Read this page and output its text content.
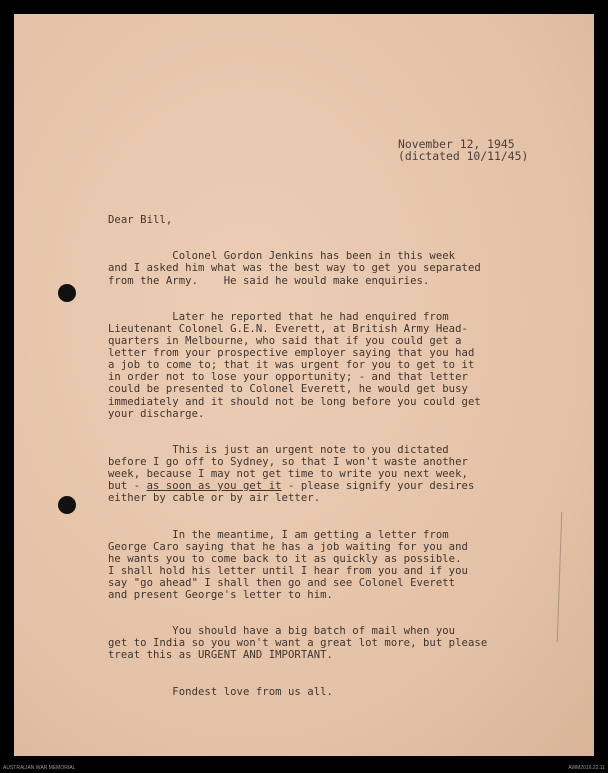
November 12, 1945
(dictated 10/11/45)

Dear Bill,

Colonel Gordon Jenkins has been in this week
and I asked him what was the best way to get you separated
from the Army.    He said he would make enquiries.

Later he reported that he had enquired from
Lieutenant Colonel G.E.N. Everett, at British Army Head-
quarters in Melbourne, who said that if you could get a
letter from your prospective employer saying that you had
a job to come to; that it was urgent for you to get to it
in order not to lose your opportunity; - and that letter
could be presented to Colonel Everett, he would get busy
immediately and it should not be long before you could get
your discharge.

This is just an urgent note to you dictated
before I go off to Sydney, so that I won't waste another
week, because I may not get time to write you next week,
but - as soon as you get it - please signify your desires
either by cable or by air letter.

In the meantime, I am getting a letter from
George Caro saying that he has a job waiting for you and
he wants you to come back to it as quickly as possible.
I shall hold his letter until I hear from you and if you
say "go ahead" I shall then go and see Colonel Everett
and present George's letter to him.

You should have a big batch of mail when you
get to India so you won't want a great lot more, but please
treat this as URGENT AND IMPORTANT.

Fondest love from us all.

AUSTRALIAN WAR MEMORIAL	AWM2016.22.11
